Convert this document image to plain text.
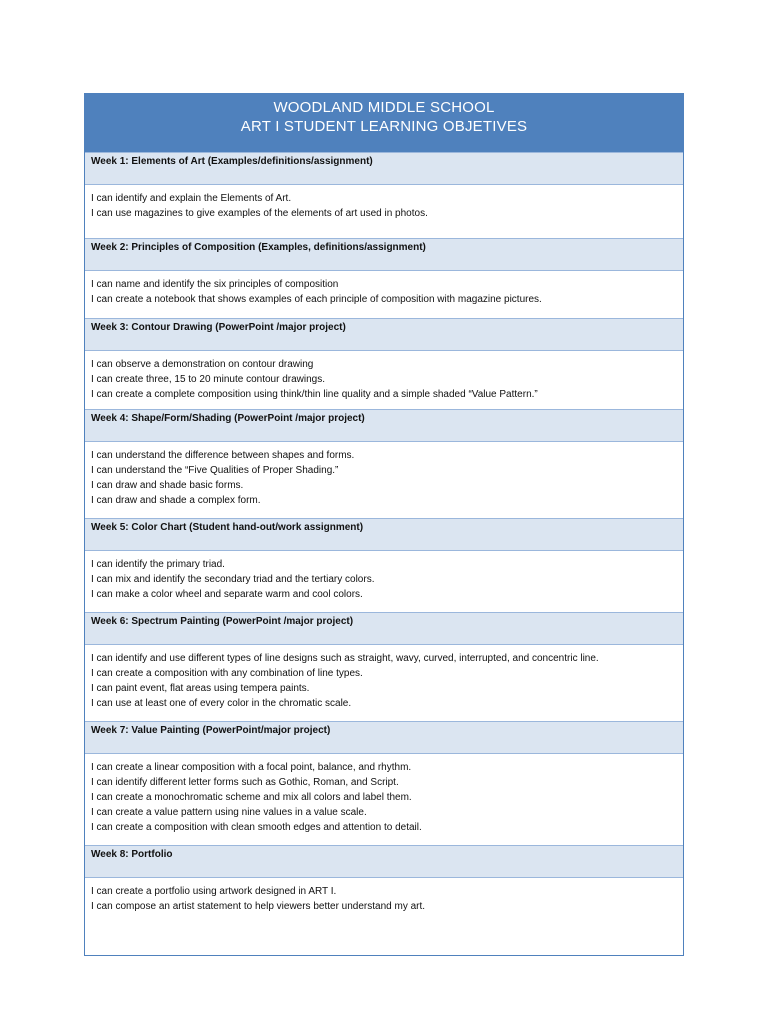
WOODLAND MIDDLE SCHOOL
ART I STUDENT LEARNING OBJETIVES
Week 1: Elements of Art (Examples/definitions/assignment)
I can identify and explain the Elements of Art.
I can use magazines to give examples of the elements of art used in photos.
Week 2: Principles of Composition (Examples, definitions/assignment)
I can name and identify the six principles of composition
I can create a notebook that shows examples of each principle of composition with magazine pictures.
Week 3: Contour Drawing (PowerPoint /major project)
I can observe a demonstration on contour drawing
I can create three, 15 to 20 minute contour drawings.
I can create a complete composition using think/thin line quality and a simple shaded “Value Pattern.”
Week 4: Shape/Form/Shading (PowerPoint /major project)
I can understand the difference between shapes and forms.
I can understand the “Five Qualities of Proper Shading.”
I can draw and shade basic forms.
I can draw and shade a complex form.
Week 5: Color Chart (Student hand-out/work assignment)
I can identify the primary triad.
I can mix and identify the secondary triad and the tertiary colors.
I can make a color wheel and separate warm and cool colors.
Week 6: Spectrum Painting (PowerPoint /major project)
I can identify and use different types of line designs such as straight, wavy, curved, interrupted, and concentric line.
I can create a composition with any combination of line types.
I can paint event, flat areas using tempera paints.
I can use at least one of every color in the chromatic scale.
Week 7: Value Painting (PowerPoint/major project)
I can create a linear composition with a focal point, balance, and rhythm.
I can identify different letter forms such as Gothic, Roman, and Script.
I can create a monochromatic scheme and mix all colors and label them.
I can create a value pattern using nine values in a value scale.
I can create a composition with clean smooth edges and attention to detail.
Week 8: Portfolio
I can create a portfolio using artwork designed in ART I.
I can compose an artist statement to help viewers better understand my art.
